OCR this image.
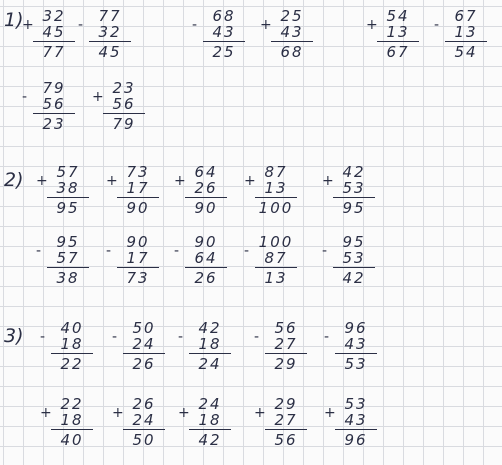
1)
2)
3)
+ 32
45
77
-	77
32
45
-	68
43
25
+ 25
43
68
+ 54
13
67
-	67
13
54
-	79
56
23
+ 23
56
79
+ 57
38
95
+ 73
17
90
+ 64
26
90
+ 87
13
100
+ 42
53
95
-	95
57
38
-	90
17
73
-	90
64
26
- 100
87
13
-	95
53
42
-	40
18
22
-	50
24
26
-	42
18
24
-	56
27
29
-	96
43
53
+ 22
18
40
+ 26
24
50
+ 24
18
42
+ 29
27
56
+ 53
43
96
